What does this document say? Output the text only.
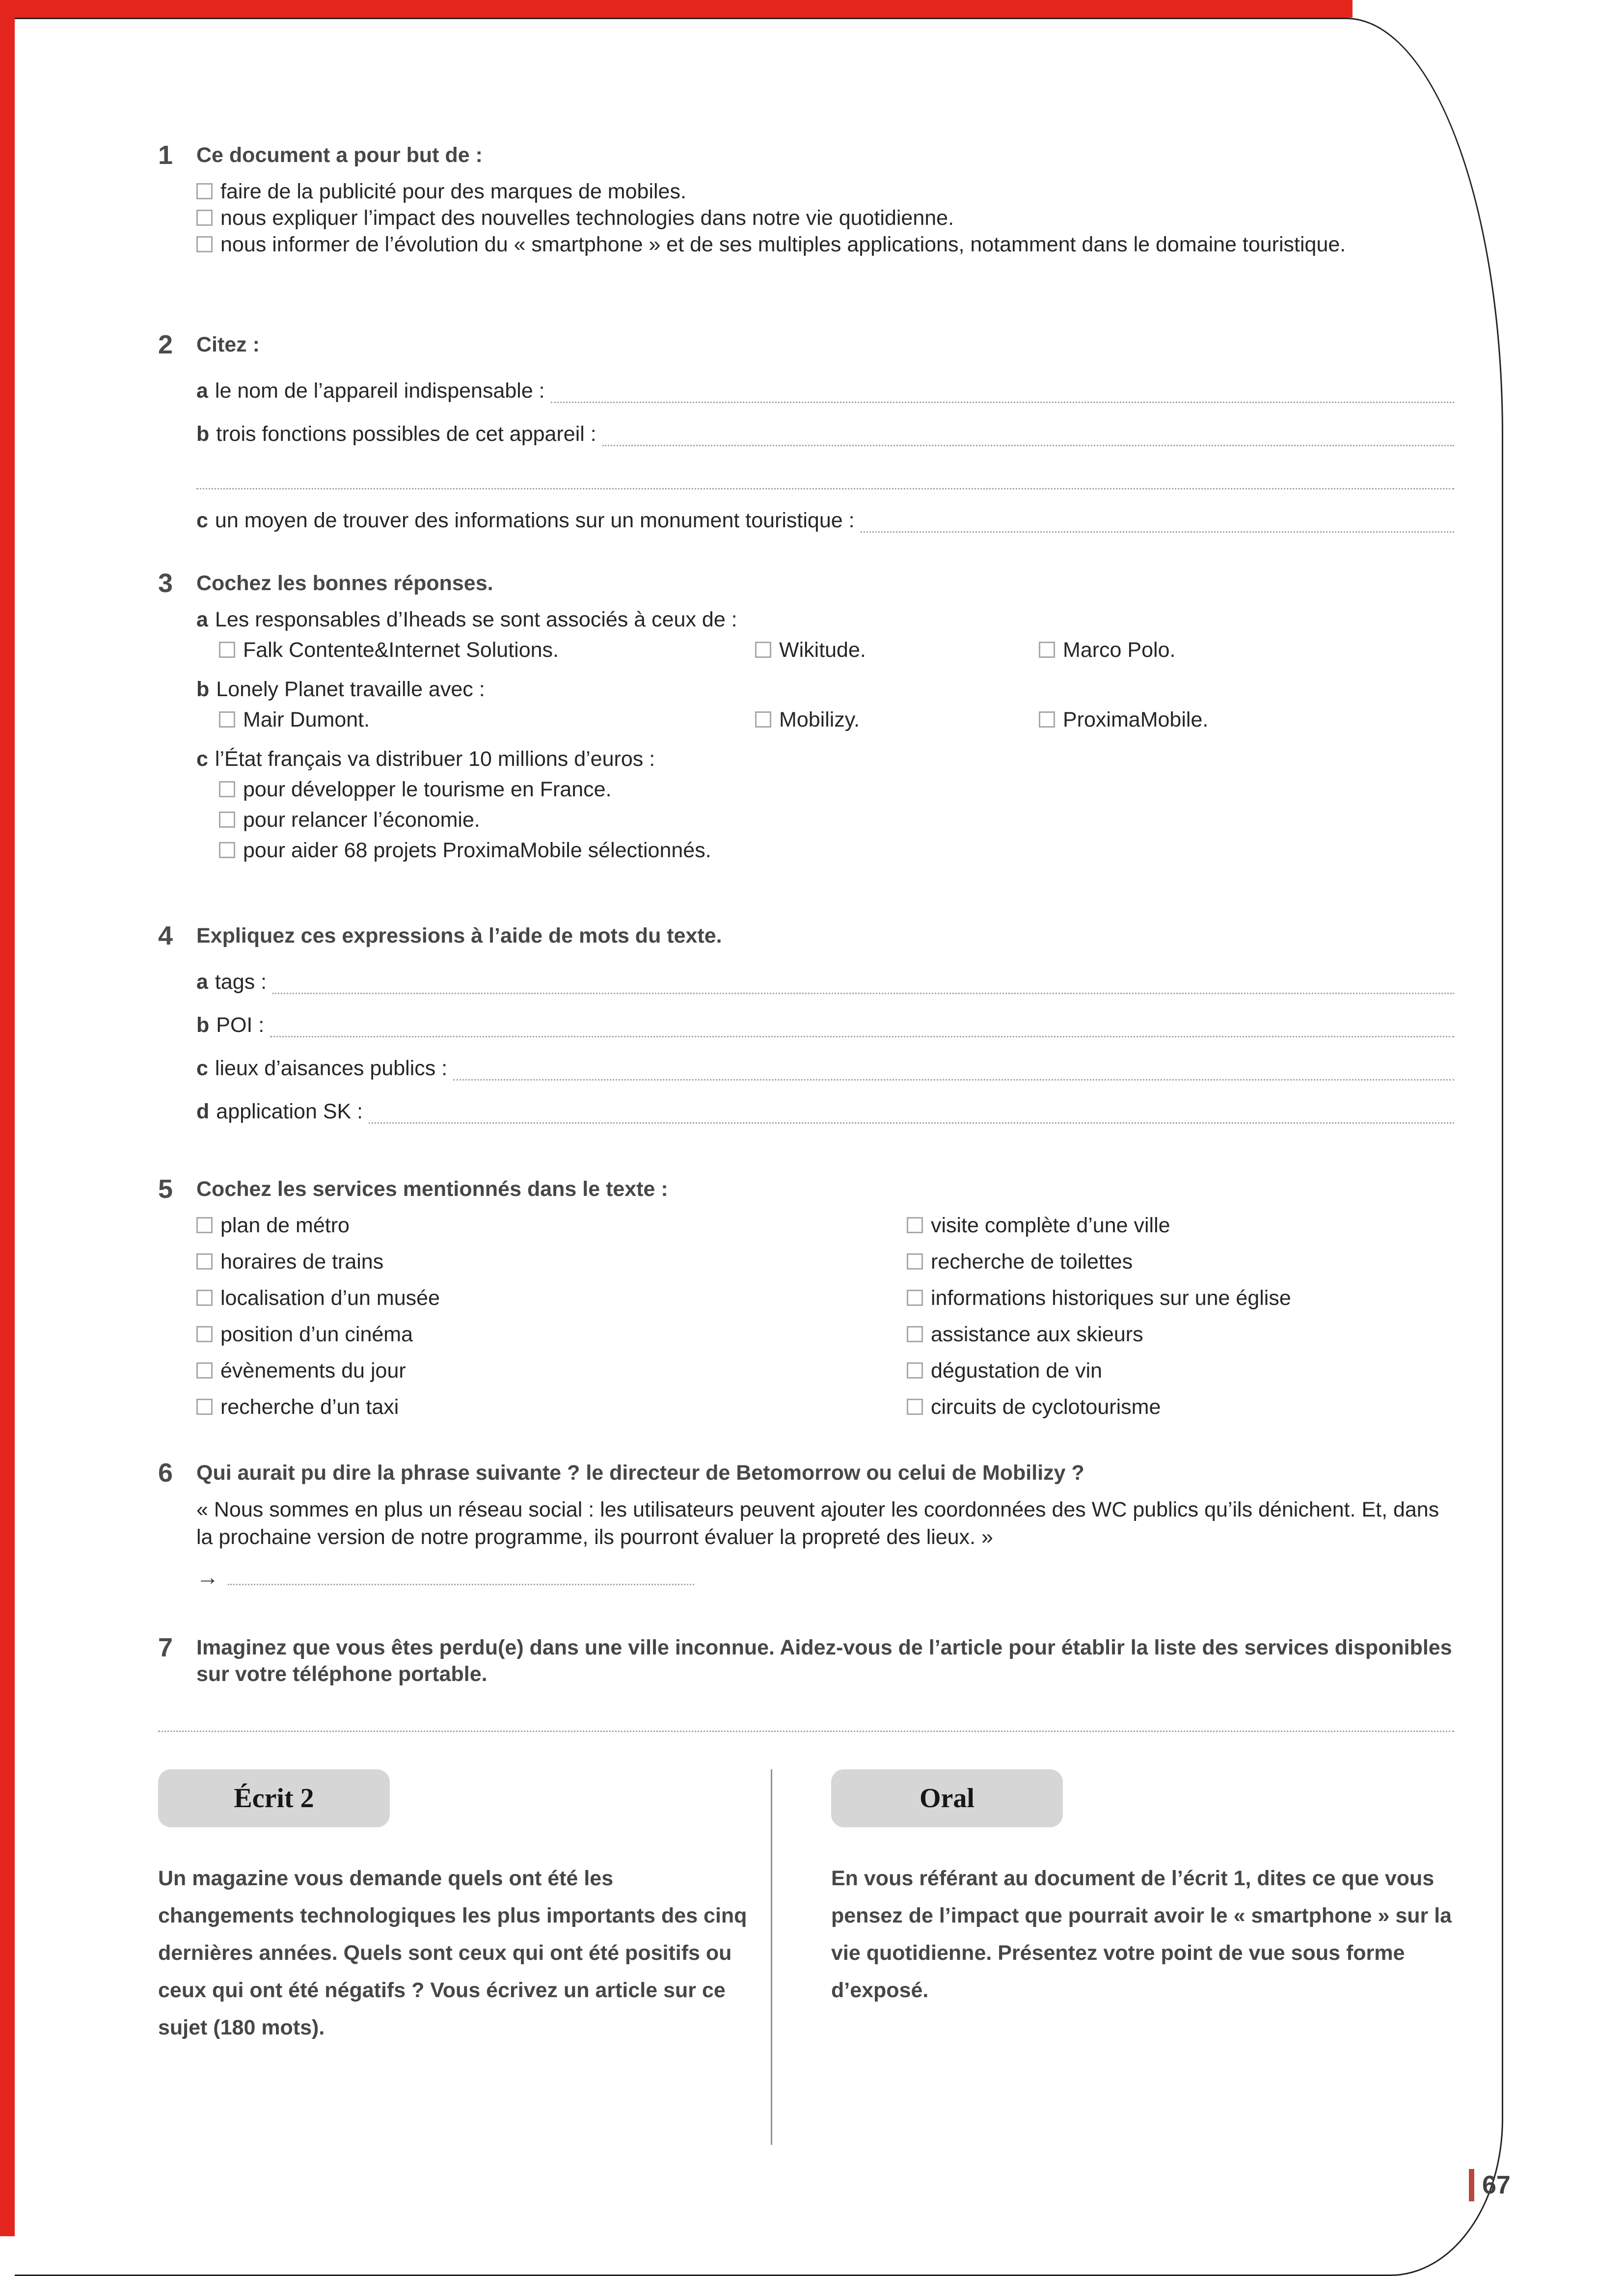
1	Ce document a pour but de :
faire de la publicité pour des marques de mobiles.
nous expliquer l’impact des nouvelles technologies dans notre vie quotidienne.
nous informer de l’évolution du « smartphone » et de ses multiples applications, notamment dans le domaine touristique.
2	Citez :
a le nom de l’appareil indispensable :
b trois fonctions possibles de cet appareil :
c un moyen de trouver des informations sur un monument touristique :
3	Cochez les bonnes réponses.
a Les responsables d’Iheads se sont associés à ceux de :
Falk Contente&Internet Solutions.	Wikitude.	Marco Polo.
b Lonely Planet travaille avec :
Mair Dumont.	Mobilizy.	ProximaMobile.
c l’État français va distribuer 10 millions d’euros :
pour développer le tourisme en France.
pour relancer l’économie.
pour aider 68 projets ProximaMobile sélectionnés.
4	Expliquez ces expressions à l’aide de mots du texte.
a tags :
b POI :
c lieux d’aisances publics :
d application SK :
5	Cochez les services mentionnés dans le texte :
plan de métro	visite complète d’une ville
horaires de trains	recherche de toilettes
localisation d’un musée	informations historiques sur une église
position d’un cinéma	assistance aux skieurs
évènements du jour	dégustation de vin
recherche d’un taxi	circuits de cyclotourisme
6	Qui aurait pu dire la phrase suivante ? le directeur de Betomorrow ou celui de Mobilizy ?
« Nous sommes en plus un réseau social : les utilisateurs peuvent ajouter les coordonnées des WC publics qu’ils dénichent. Et, dans la prochaine version de notre programme, ils pourront évaluer la propreté des lieux. »
→
7	Imaginez que vous êtes perdu(e) dans une ville inconnue. Aidez-vous de l’article pour établir la liste des services disponibles sur votre téléphone portable.
Écrit 2

Un magazine vous demande quels ont été les changements technologiques les plus importants des cinq dernières années. Quels sont ceux qui ont été positifs ou ceux qui ont été négatifs ? Vous écrivez un article sur ce sujet (180 mots).

Oral

En vous référant au document de l’écrit 1, dites ce que vous pensez de l’impact que pourrait avoir le « smartphone » sur la vie quotidienne. Présentez votre point de vue sous forme d’exposé.

67
